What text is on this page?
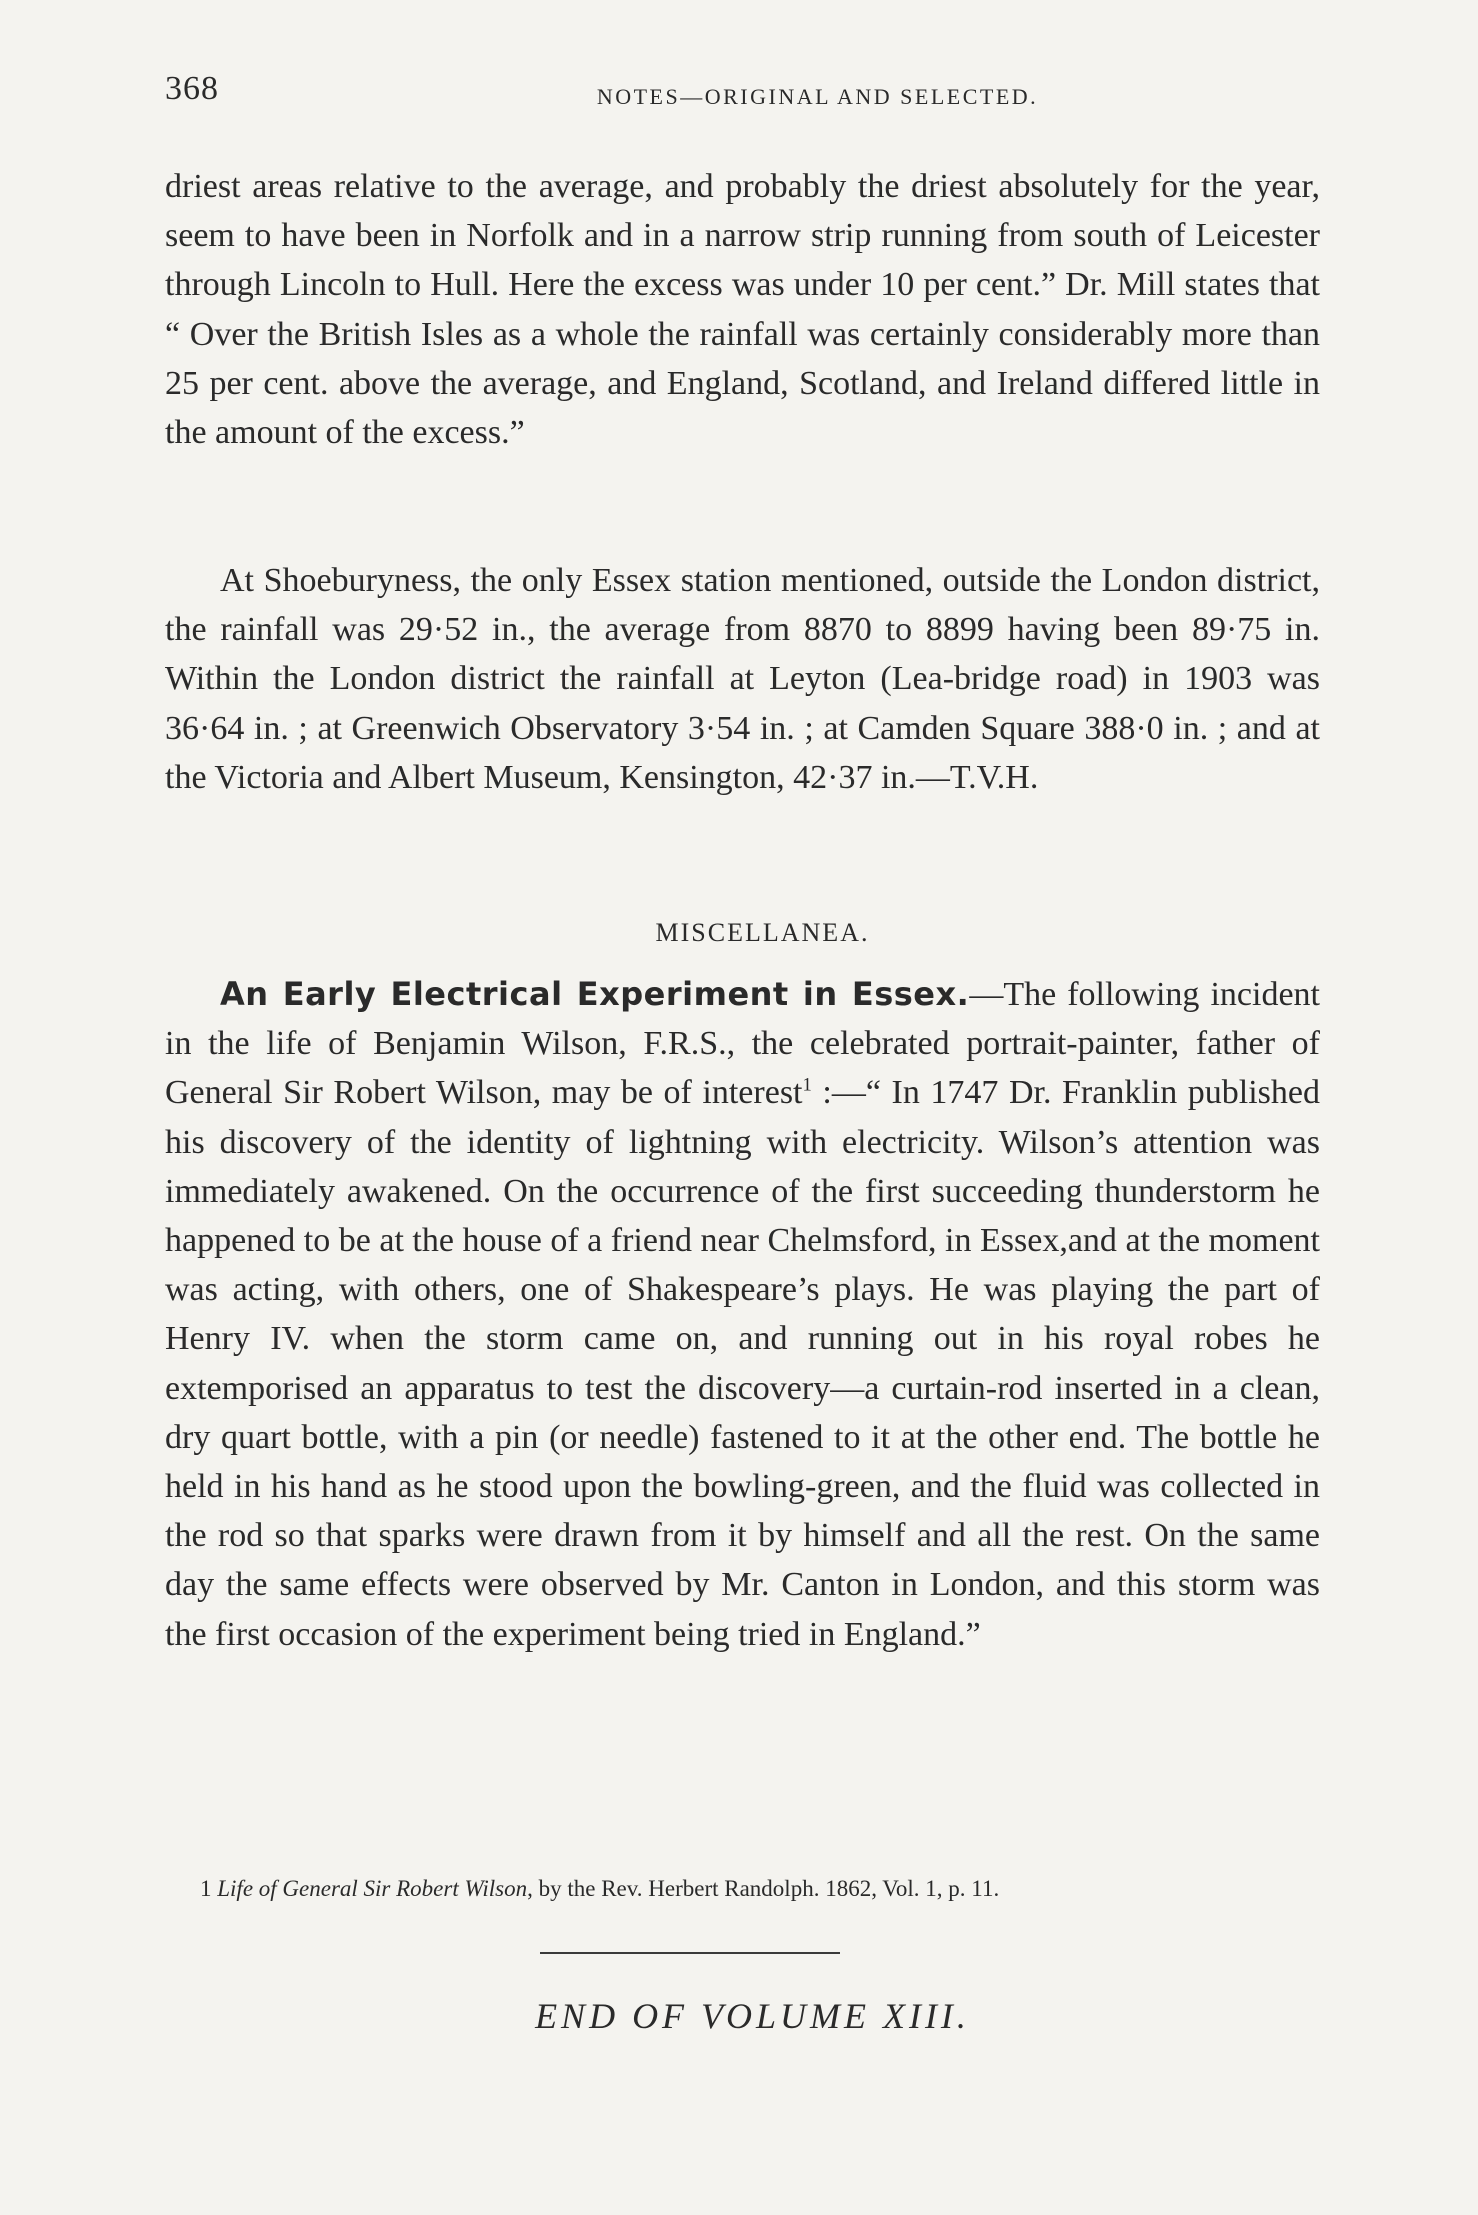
368	NOTES—ORIGINAL AND SELECTED.

driest areas relative to the average, and probably the driest absolutely for the year, seem to have been in Norfolk and in a narrow strip running from south of Leicester through Lincoln to Hull. Here the excess was under 10 per cent.” Dr. Mill states that “ Over the British Isles as a whole the rainfall was certainly considerably more than 25 per cent. above the average, and England, Scotland, and Ireland differed little in the amount of the excess.”

At Shoeburyness, the only Essex station mentioned, outside the London district, the rainfall was 29·52 in., the average from 8870 to 8899 having been 89·75 in. Within the London district the rainfall at Leyton (Lea-bridge road) in 1903 was 36·64 in. ; at Greenwich Observatory 3·54 in. ; at Camden Square 388·0 in. ; and at the Victoria and Albert Museum, Kensington, 42·37 in.—T.V.H.

MISCELLANEA.

An Early Electrical Experiment in Essex.—The following incident in the life of Benjamin Wilson, F.R.S., the celebrated portrait-painter, father of General Sir Robert Wilson, may be of interest$^1$ :—“ In 1747 Dr. Franklin published his discovery of the identity of lightning with electricity. Wilson’s attention was immediately awakened. On the occurrence of the first succeeding thunderstorm he happened to be at the house of a friend near Chelmsford, in Essex,and at the moment was acting, with others, one of Shakespeare’s plays. He was playing the part of Henry IV. when the storm came on, and running out in his royal robes he extemporised an apparatus to test the discovery—a curtain-rod inserted in a clean, dry quart bottle, with a pin (or needle) fastened to it at the other end. The bottle he held in his hand as he stood upon the bowling-green, and the fluid was collected in the rod so that sparks were drawn from it by himself and all the rest. On the same day the same effects were observed by Mr. Canton in London, and this storm was the first occasion of the experiment being tried in England.”

1 Life of General Sir Robert Wilson, by the Rev. Herbert Randolph. 1862, Vol. 1, p. 11.
END OF VOLUME XIII.
